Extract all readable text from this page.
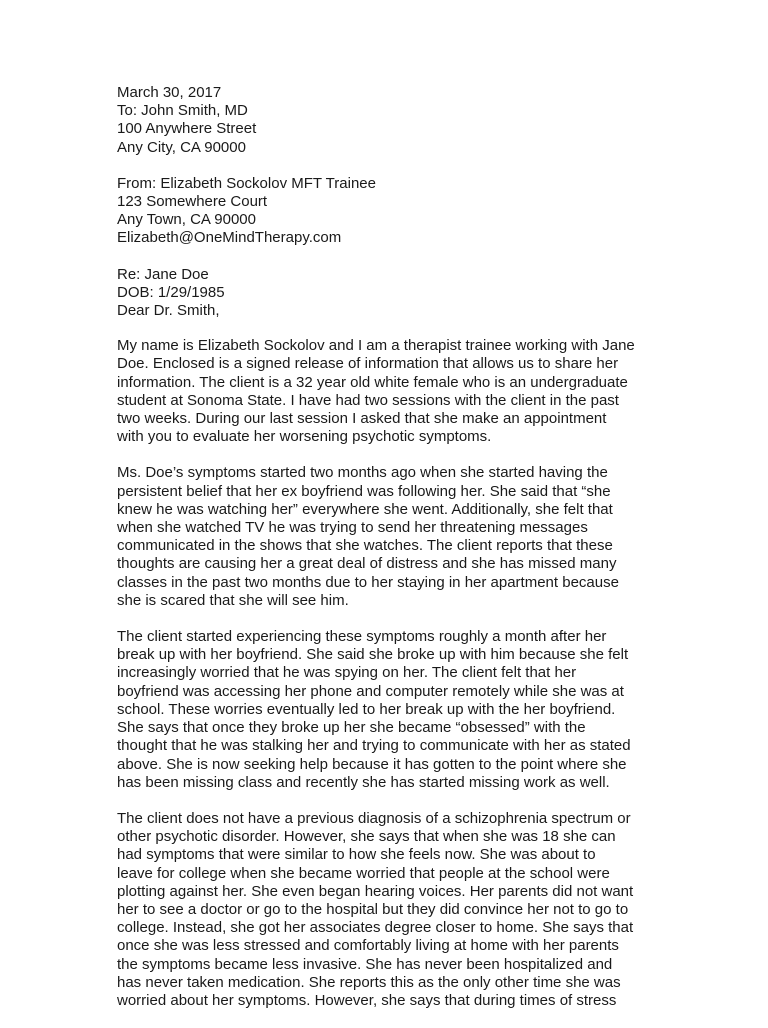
March 30, 2017
To: John Smith, MD
100 Anywhere Street
Any City, CA 90000
From: Elizabeth Sockolov MFT Trainee
123 Somewhere Court
Any Town, CA 90000
Elizabeth@OneMindTherapy.com
Re: Jane Doe
DOB: 1/29/1985
Dear Dr. Smith,
My name is Elizabeth Sockolov and I am a therapist trainee working with Jane
Doe. Enclosed is a signed release of information that allows us to share her
information. The client is a 32 year old white female who is an undergraduate
student at Sonoma State. I have had two sessions with the client in the past
two weeks. During our last session I asked that she make an appointment
with you to evaluate her worsening psychotic symptoms.
Ms. Doe’s symptoms started two months ago when she started having the
persistent belief that her ex boyfriend was following her. She said that “she
knew he was watching her” everywhere she went. Additionally, she felt that
when she watched TV he was trying to send her threatening messages
communicated in the shows that she watches. The client reports that these
thoughts are causing her a great deal of distress and she has missed many
classes in the past two months due to her staying in her apartment because
she is scared that she will see him.
The client started experiencing these symptoms roughly a month after her
break up with her boyfriend. She said she broke up with him because she felt
increasingly worried that he was spying on her. The client felt that her
boyfriend was accessing her phone and computer remotely while she was at
school. These worries eventually led to her break up with the her boyfriend.
She says that once they broke up her she became “obsessed” with the
thought that he was stalking her and trying to communicate with her as stated
above. She is now seeking help because it has gotten to the point where she
has been missing class and recently she has started missing work as well.
The client does not have a previous diagnosis of a schizophrenia spectrum or
other psychotic disorder. However, she says that when she was 18 she can
had symptoms that were similar to how she feels now. She was about to
leave for college when she became worried that people at the school were
plotting against her. She even began hearing voices. Her parents did not want
her to see a doctor or go to the hospital but they did convince her not to go to
college. Instead, she got her associates degree closer to home. She says that
once she was less stressed and comfortably living at home with her parents
the symptoms became less invasive. She has never been hospitalized and
has never taken medication. She reports this as the only other time she was
worried about her symptoms. However, she says that during times of stress
